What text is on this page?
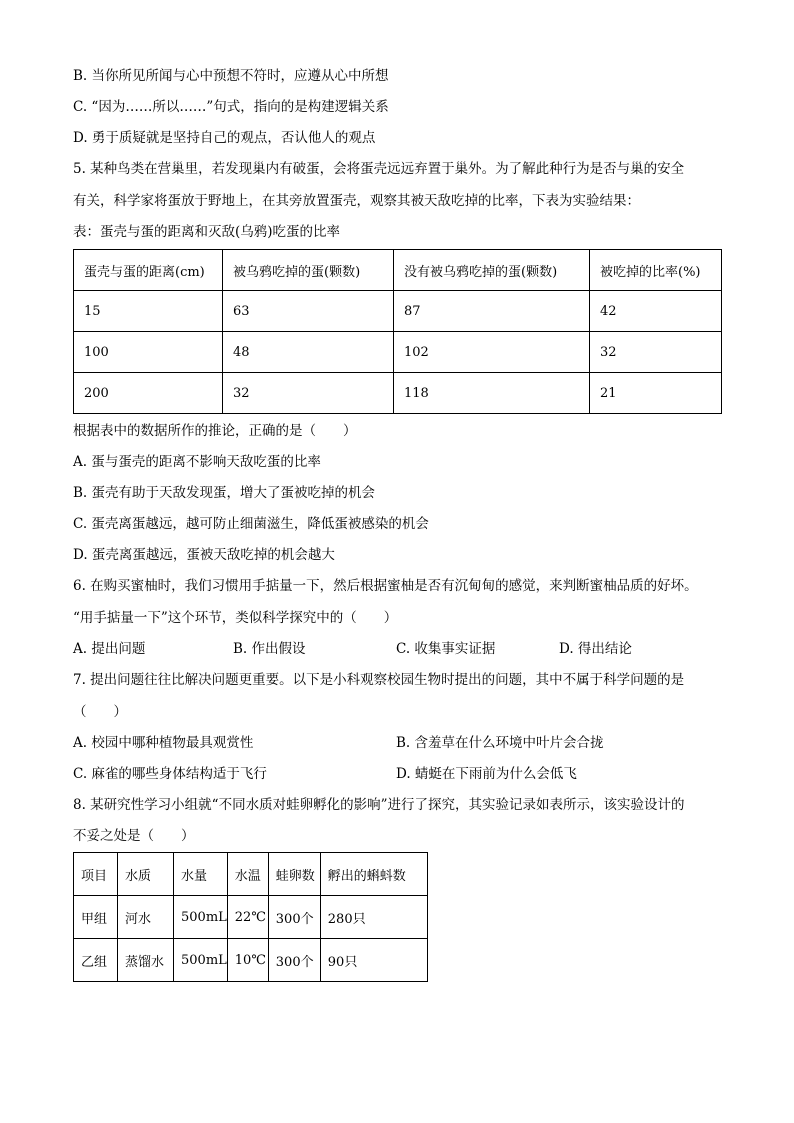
B. 当你所见所闻与心中预想不符时，应遵从心中所想
C. “因为……所以……”句式，指向的是构建逻辑关系
D. 勇于质疑就是坚持自己的观点，否认他人的观点
5. 某种鸟类在营巢里，若发现巢内有破蛋，会将蛋壳远远弃置于巢外。为了解此种行为是否与巢的安全
有关，科学家将蛋放于野地上，在其旁放置蛋壳，观察其被天敌吃掉的比率，下表为实验结果：
表：蛋壳与蛋的距离和灭敌(乌鸦)吃蛋的比率
蛋壳与蛋的距离(cm)	被乌鸦吃掉的蛋(颗数)	没有被乌鸦吃掉的蛋(颗数)	被吃掉的比率(%)
15	63	87	42
100	48	102	32
200	32	118	21
根据表中的数据所作的推论，正确的是（　　）
A. 蛋与蛋壳的距离不影响天敌吃蛋的比率
B. 蛋壳有助于天敌发现蛋，增大了蛋被吃掉的机会
C. 蛋壳离蛋越远，越可防止细菌滋生，降低蛋被感染的机会
D. 蛋壳离蛋越远，蛋被天敌吃掉的机会越大
6. 在购买蜜柚时，我们习惯用手掂量一下，然后根据蜜柚是否有沉甸甸的感觉，来判断蜜柚品质的好坏。
“用手掂量一下”这个环节，类似科学探究中的（　　）
A. 提出问题	B. 作出假设	C. 收集事实证据	D. 得出结论
7. 提出问题往往比解决问题更重要。以下是小科观察校园生物时提出的问题，其中不属于科学问题的是
（　　）
A. 校园中哪种植物最具观赏性	B. 含羞草在什么环境中叶片会合拢
C. 麻雀的哪些身体结构适于飞行	D. 蜻蜓在下雨前为什么会低飞
8. 某研究性学习小组就“不同水质对蛙卵孵化的影响”进行了探究，其实验记录如表所示，该实验设计的
不妥之处是（　　）
项目	水质	水量	水温	蛙卵数	孵出的蝌蚪数
甲组	河水	500mL	22℃	300个	280只
乙组	蒸馏水	500mL	10℃	300个	90只
